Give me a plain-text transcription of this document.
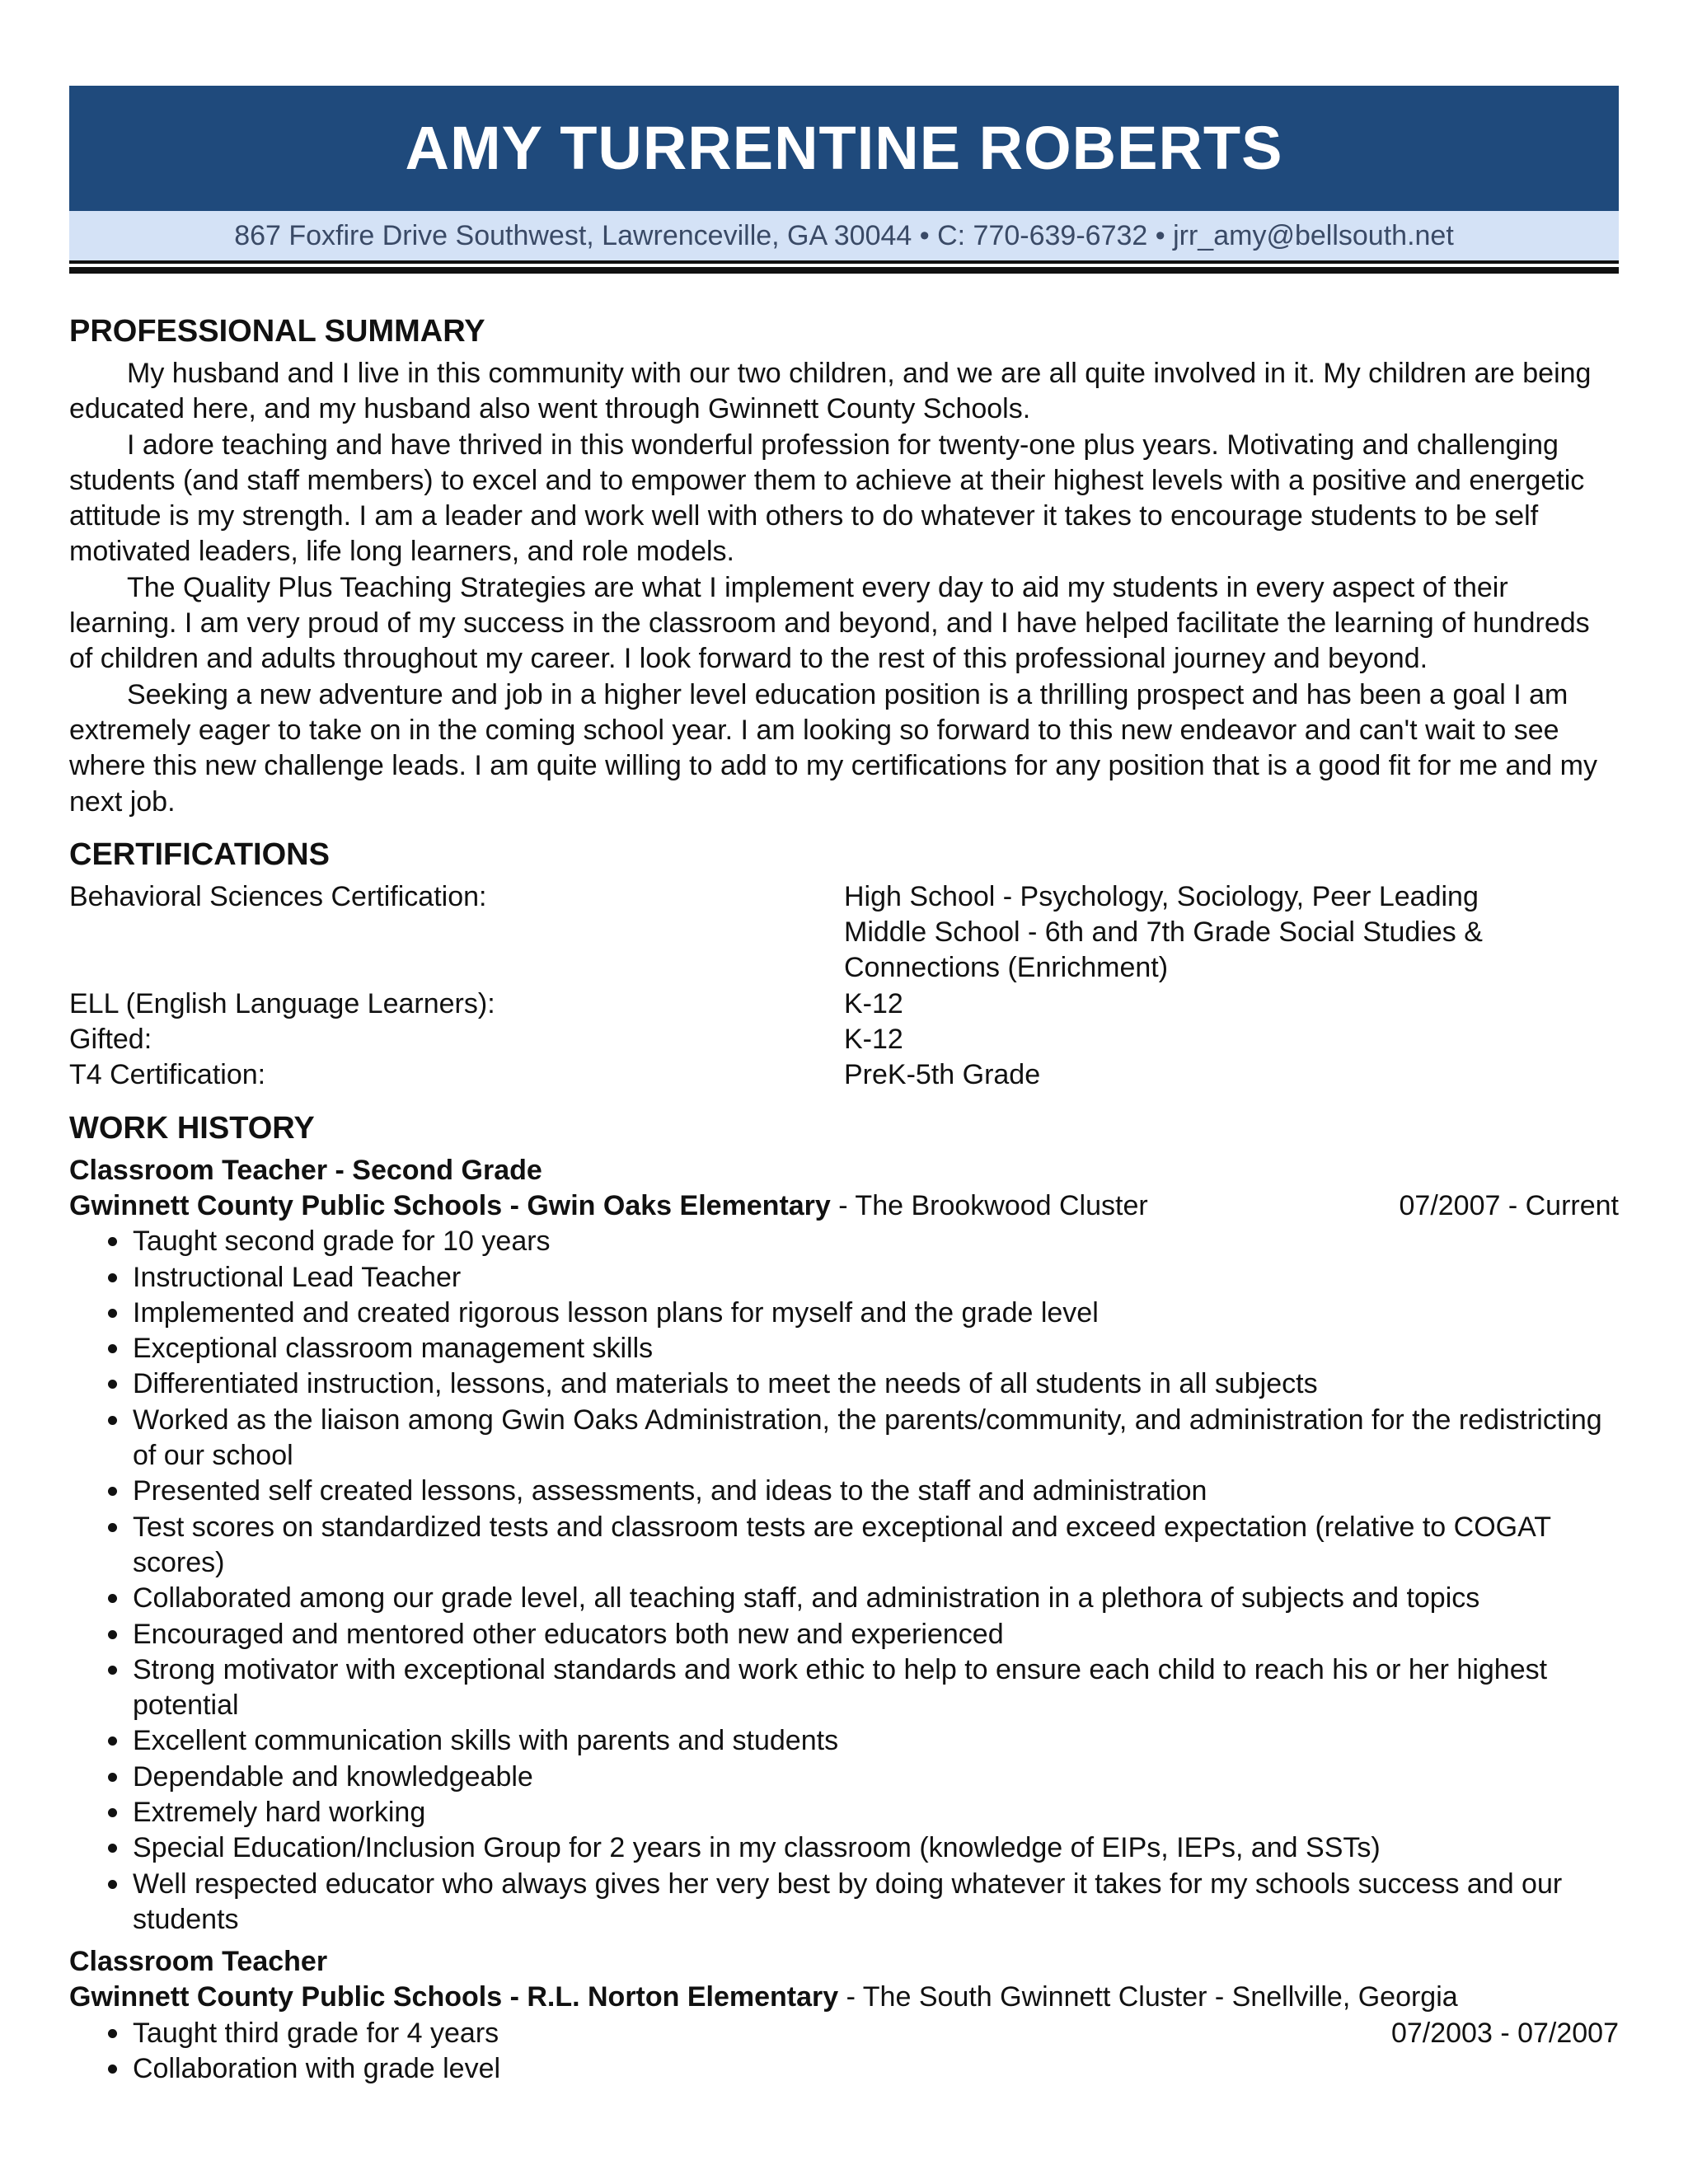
AMY TURRENTINE ROBERTS
867 Foxfire Drive Southwest, Lawrenceville, GA 30044 • C: 770-639-6732 • jrr_amy@bellsouth.net
PROFESSIONAL SUMMARY

My husband and I live in this community with our two children, and we are all quite involved in it. My children are being educated here, and my husband also went through Gwinnett County Schools.

I adore teaching and have thrived in this wonderful profession for twenty-one plus years. Motivating and challenging students (and staff members) to excel and to empower them to achieve at their highest levels with a positive and energetic attitude is my strength. I am a leader and work well with others to do whatever it takes to encourage students to be self motivated leaders, life long learners, and role models.

The Quality Plus Teaching Strategies are what I implement every day to aid my students in every aspect of their learning. I am very proud of my success in the classroom and beyond, and I have helped facilitate the learning of hundreds of children and adults throughout my career. I look forward to the rest of this professional journey and beyond.

Seeking a new adventure and job in a higher level education position is a thrilling prospect and has been a goal I am extremely eager to take on in the coming school year. I am looking so forward to this new endeavor and can't wait to see where this new challenge leads. I am quite willing to add to my certifications for any position that is a good fit for me and my next job.

CERTIFICATIONS
Behavioral Sciences Certification:	High School - Psychology, Sociology, Peer Leading
Middle School - 6th and 7th Grade Social Studies & Connections (Enrichment)
ELL (English Language Learners):	K-12
Gifted:	K-12
T4 Certification:	PreK-5th Grade
WORK HISTORY
Classroom Teacher - Second Grade
Gwinnett County Public Schools - Gwin Oaks Elementary - The Brookwood Cluster	07/2007 - Current
Taught second grade for 10 years
Instructional Lead Teacher
Implemented and created rigorous lesson plans for myself and the grade level
Exceptional classroom management skills
Differentiated instruction, lessons, and materials to meet the needs of all students in all subjects
Worked as the liaison among Gwin Oaks Administration, the parents/community, and administration for the redistricting of our school
Presented self created lessons, assessments, and ideas to the staff and administration
Test scores on standardized tests and classroom tests are exceptional and exceed expectation (relative to COGAT scores)
Collaborated among our grade level, all teaching staff, and administration in a plethora of subjects and topics
Encouraged and mentored other educators both new and experienced
Strong motivator with exceptional standards and work ethic to help to ensure each child to reach his or her highest potential
Excellent communication skills with parents and students
Dependable and knowledgeable
Extremely hard working
Special Education/Inclusion Group for 2 years in my classroom (knowledge of EIPs, IEPs, and SSTs)
Well respected educator who always gives her very best by doing whatever it takes for my schools success and our students
Classroom Teacher
Gwinnett County Public Schools - R.L. Norton Elementary - The South Gwinnett Cluster - Snellville, Georgia
Taught third grade for 4 years	07/2003 - 07/2007
Collaboration with grade level
